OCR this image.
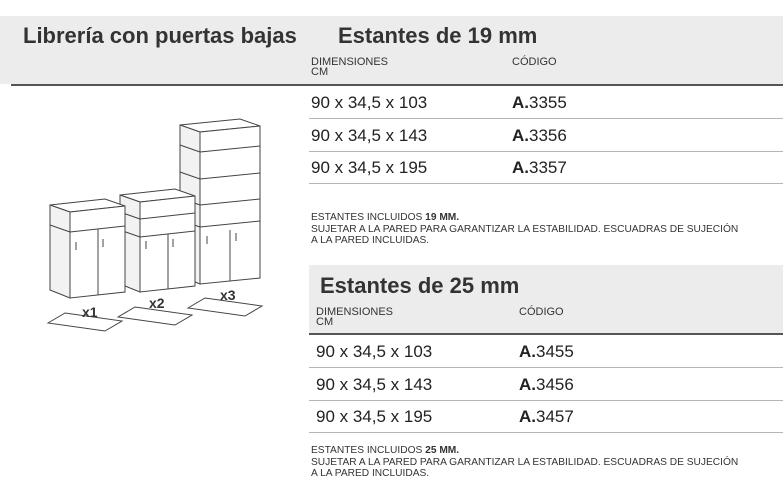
Librería con puertas bajas Estantes de 19 mm
DIMENSIONES
CM
CÓDIGO
90 x 34,5 x 103	A.3355
90 x 34,5 x 143	A.3356
90 x 34,5 x 195	A.3357
ESTANTES INCLUIDOS 19 MM.
SUJETAR A LA PARED PARA GARANTIZAR LA ESTABILIDAD. ESCUADRAS DE SUJECIÓN A LA PARED INCLUIDAS.
Estantes de 25 mm
DIMENSIONES
CM
CÓDIGO
90 x 34,5 x 103	A.3455
90 x 34,5 x 143	A.3456
90 x 34,5 x 195	A.3457
ESTANTES INCLUIDOS 25 MM.
SUJETAR A LA PARED PARA GARANTIZAR LA ESTABILIDAD. ESCUADRAS DE SUJECIÓN A LA PARED INCLUIDAS.
x1
x2	x3
